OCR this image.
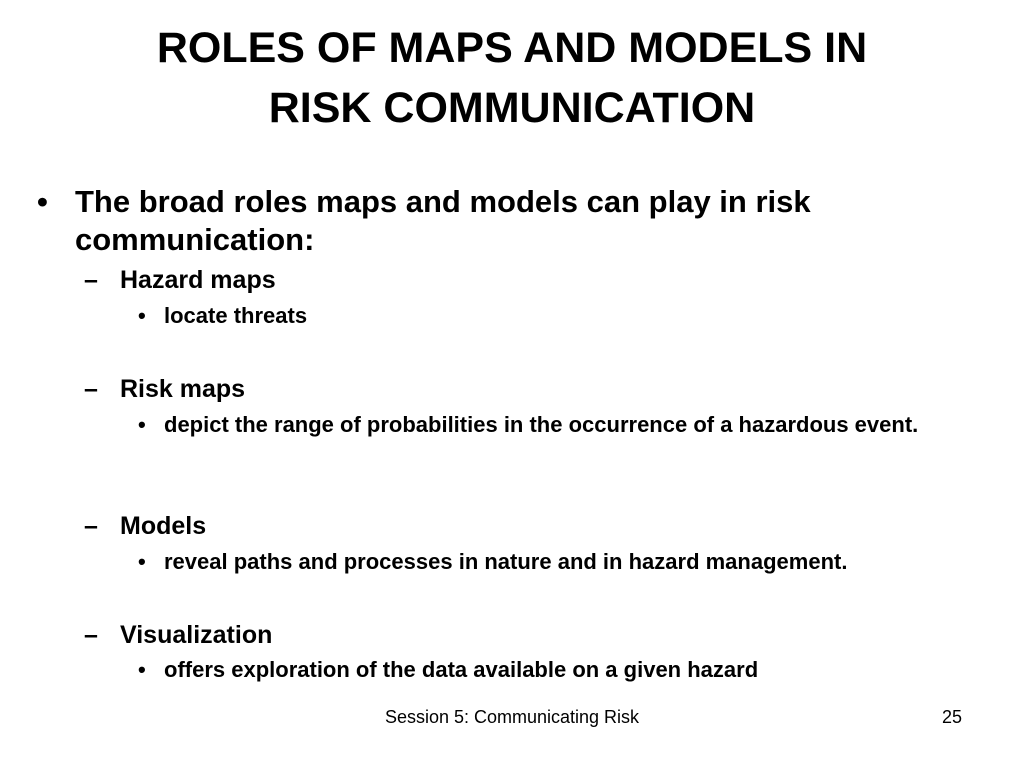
ROLES OF MAPS AND MODELS IN
RISK COMMUNICATION
• The broad roles maps and models can play in risk communication:
– Hazard maps
• locate threats
– Risk maps
• depict the range of probabilities in the occurrence of a hazardous event.
– Models
• reveal paths and processes in nature and in hazard management.
– Visualization
• offers exploration of the data available on a given hazard
Session 5: Communicating Risk	25
